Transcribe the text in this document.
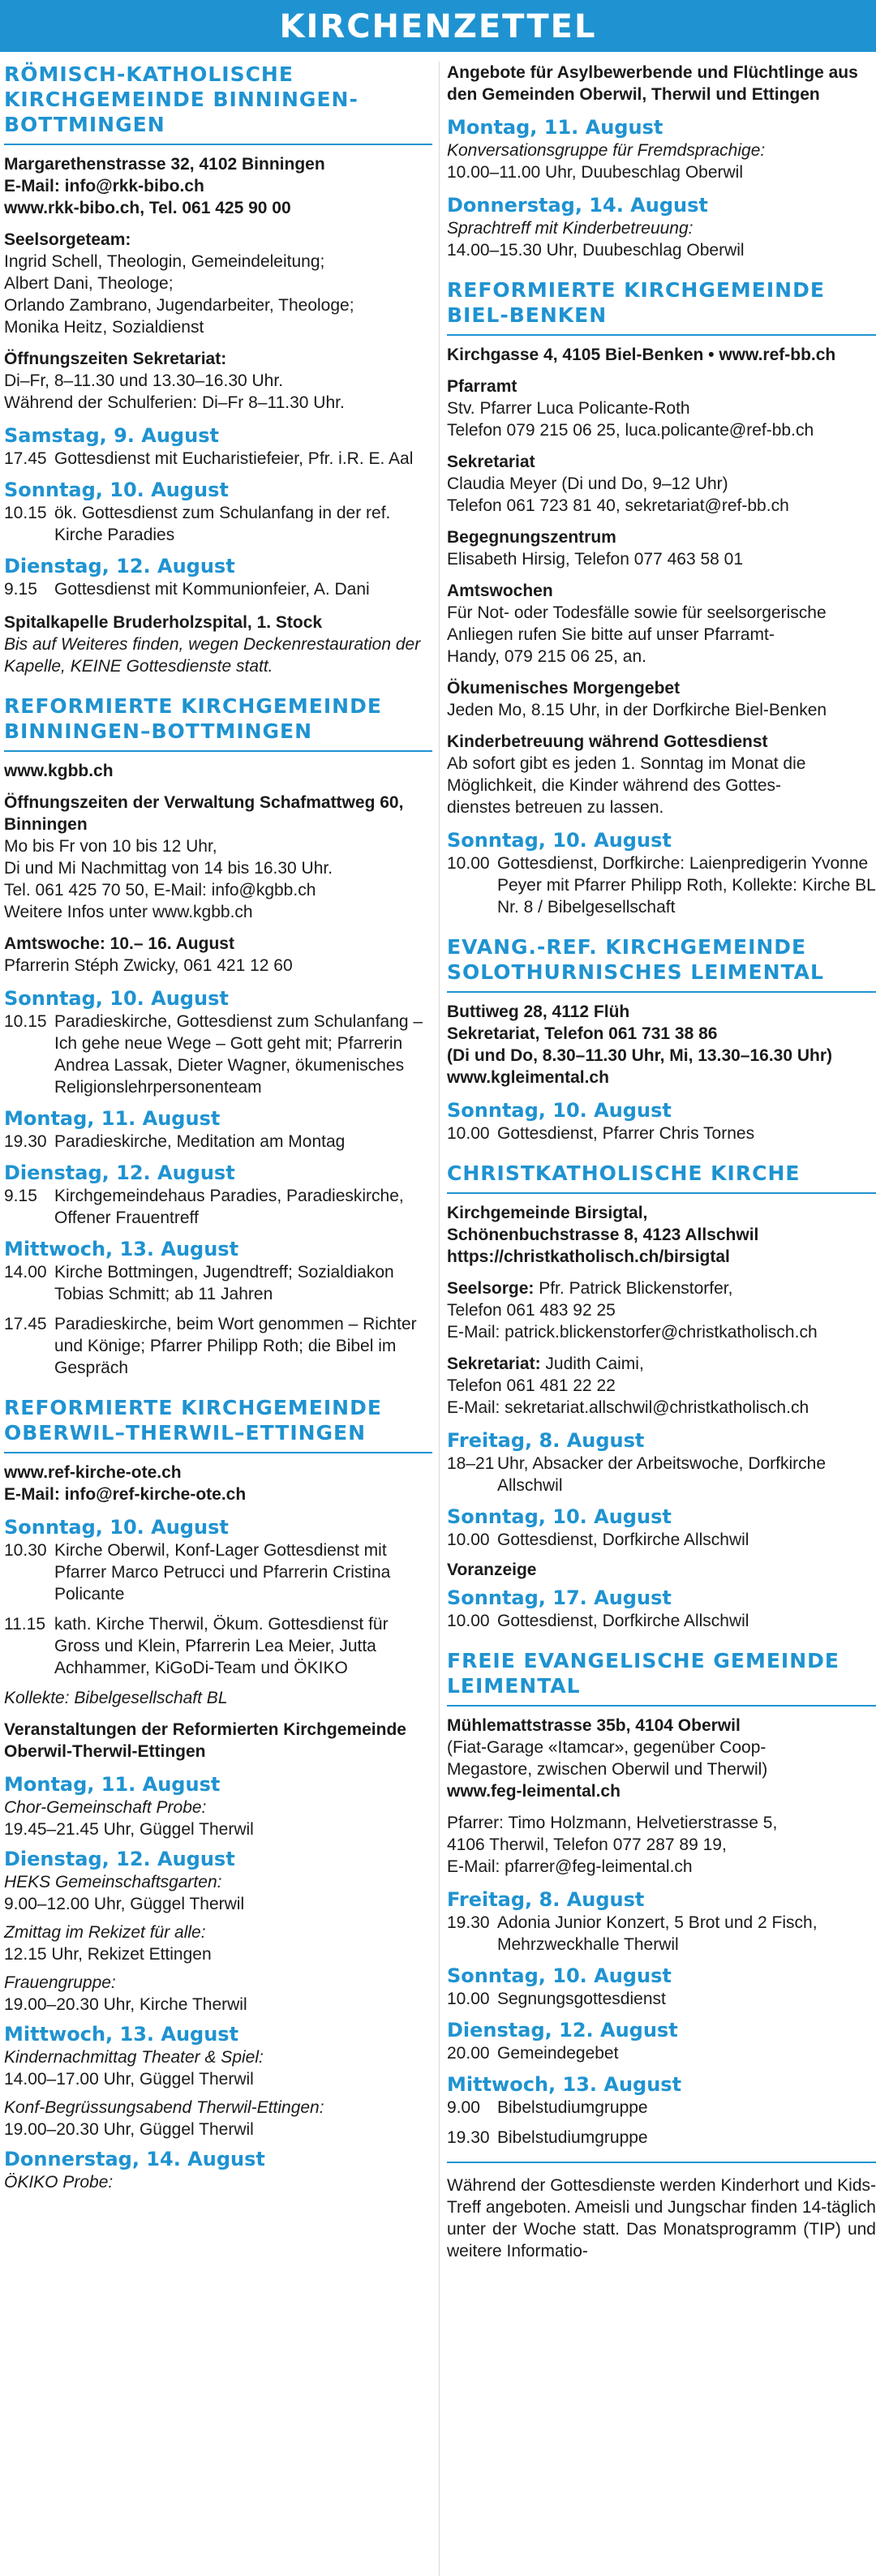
KIRCHENZETTEL
RÖMISCH-KATHOLISCHE KIRCHGEMEINDE BINNINGEN-BOTTMINGEN
Margarethenstrasse 32, 4102 Binningen
E-Mail: info@rkk-bibo.ch
www.rkk-bibo.ch, Tel. 061 425 90 00
Seelsorgeteam:
Ingrid Schell, Theologin, Gemeindeleitung;
Albert Dani, Theologe;
Orlando Zambrano, Jugendarbeiter, Theologe;
Monika Heitz, Sozialdienst
Öffnungszeiten Sekretariat:
Di–Fr, 8–11.30 und 13.30–16.30 Uhr.
Während der Schulferien: Di–Fr 8–11.30 Uhr.
Samstag, 9. August
17.45 Gottesdienst mit Eucharistiefeier, Pfr. i.R. E. Aal
Sonntag, 10. August
10.15 ök. Gottesdienst zum Schulanfang in der ref. Kirche Paradies
Dienstag, 12. August
9.15	Gottesdienst mit Kommunionfeier, A. Dani
Spitalkapelle Bruderholzspital, 1. Stock
Bis auf Weiteres finden, wegen Deckenrestauration der Kapelle, KEINE Gottesdienste statt.
REFORMIERTE KIRCHGEMEINDE BINNINGEN–BOTTMINGEN
www.kgbb.ch
Öffnungszeiten der Verwaltung Schafmattweg 60, Binningen
Mo bis Fr von 10 bis 12 Uhr,
Di und Mi Nachmittag von 14 bis 16.30 Uhr.
Tel. 061 425 70 50, E-Mail: info@kgbb.ch
Weitere Infos unter www.kgbb.ch
Amtswoche: 10.– 16. August
Pfarrerin Stéph Zwicky, 061 421 12 60
Sonntag, 10. August
10.15 Paradieskirche, Gottesdienst zum Schulanfang – Ich gehe neue Wege – Gott geht mit; Pfarrerin Andrea Lassak, Dieter Wagner, ökumenisches Religionslehrpersonenteam
Montag, 11. August
19.30 Paradieskirche, Meditation am Montag
Dienstag, 12. August
9.15	Kirchgemeindehaus Paradies, Paradieskirche, Offener Frauentreff
Mittwoch, 13. August
14.00 Kirche Bottmingen, Jugendtreff; Sozialdiakon Tobias Schmitt; ab 11 Jahren
17.45 Paradieskirche, beim Wort genommen – Richter und Könige; Pfarrer Philipp Roth; die Bibel im Gespräch
REFORMIERTE KIRCHGEMEINDE OBERWIL–THERWIL–ETTINGEN
www.ref-kirche-ote.ch
E-Mail: info@ref-kirche-ote.ch
Sonntag, 10. August
10.30 Kirche Oberwil, Konf-Lager Gottesdienst mit Pfarrer Marco Petrucci und Pfarrerin Cristina Policante
11.15 kath. Kirche Therwil, Ökum. Gottesdienst für Gross und Klein, Pfarrerin Lea Meier, Jutta Achhammer, KiGoDi-Team und ÖKIKO
Kollekte: Bibelgesellschaft BL
Veranstaltungen der Reformierten Kirchgemeinde Oberwil-Therwil-Ettingen
Montag, 11. August
Chor-Gemeinschaft Probe:
19.45–21.45 Uhr, Güggel Therwil
Dienstag, 12. August
HEKS Gemeinschaftsgarten:
9.00–12.00 Uhr, Güggel Therwil
Zmittag im Rekizet für alle:
12.15 Uhr, Rekizet Ettingen
Frauengruppe:
19.00–20.30 Uhr, Kirche Therwil
Mittwoch, 13. August
Kindernachmittag Theater & Spiel:
14.00–17.00 Uhr, Güggel Therwil
Konf-Begrüssungsabend Therwil-Ettingen:
19.00–20.30 Uhr, Güggel Therwil
Donnerstag, 14. August
ÖKIKO Probe:
Angebote für Asylbewerbende und Flüchtlinge aus den Gemeinden Oberwil, Therwil und Ettingen
Montag, 11. August
Konversationsgruppe für Fremdsprachige:
10.00–11.00 Uhr, Duubeschlag Oberwil
Donnerstag, 14. August
Sprachtreff mit Kinderbetreuung:
14.00–15.30 Uhr, Duubeschlag Oberwil
REFORMIERTE KIRCHGEMEINDE BIEL-BENKEN
Kirchgasse 4, 4105 Biel-Benken • www.ref-bb.ch
Pfarramt
Stv. Pfarrer Luca Policante-Roth
Telefon 079 215 06 25, luca.policante@ref-bb.ch
Sekretariat
Claudia Meyer (Di und Do, 9–12 Uhr)
Telefon 061 723 81 40, sekretariat@ref-bb.ch
Begegnungszentrum
Elisabeth Hirsig, Telefon 077 463 58 01
Amtswochen
Für Not- oder Todesfälle sowie für seelsorgerische
Anliegen rufen Sie bitte auf unser Pfarramt-
Handy, 079 215 06 25, an.
Ökumenisches Morgengebet
Jeden Mo, 8.15 Uhr, in der Dorfkirche Biel-Benken
Kinderbetreuung während Gottesdienst
Ab sofort gibt es jeden 1. Sonntag im Monat die
Möglichkeit, die Kinder während des Gottes-
dienstes betreuen zu lassen.
Sonntag, 10. August
10.00 Gottesdienst, Dorfkirche: Laienpredigerin Yvonne Peyer mit Pfarrer Philipp Roth, Kollekte: Kirche BL Nr. 8 / Bibelgesellschaft
EVANG.-REF. KIRCHGEMEINDE SOLOTHURNISCHES LEIMENTAL
Buttiweg 28, 4112 Flüh
Sekretariat, Telefon 061 731 38 86
(Di und Do, 8.30–11.30 Uhr, Mi, 13.30–16.30 Uhr)
www.kgleimental.ch
Sonntag, 10. August
10.00 Gottesdienst, Pfarrer Chris Tornes
CHRISTKATHOLISCHE KIRCHE
Kirchgemeinde Birsigtal,
Schönenbuchstrasse 8, 4123 Allschwil
https://christkatholisch.ch/birsigtal
Seelsorge: Pfr. Patrick Blickenstorfer,
Telefon 061 483 92 25
E-Mail: patrick.blickenstorfer@christkatholisch.ch
Sekretariat: Judith Caimi,
Telefon 061 481 22 22
E-Mail: sekretariat.allschwil@christkatholisch.ch
Freitag, 8. August
18–21 Uhr, Absacker der Arbeitswoche, Dorfkirche Allschwil
Sonntag, 10. August
10.00 Gottesdienst, Dorfkirche Allschwil
Voranzeige
Sonntag, 17. August
10.00 Gottesdienst, Dorfkirche Allschwil
FREIE EVANGELISCHE GEMEINDE LEIMENTAL
Mühlemattstrasse 35b, 4104 Oberwil
(Fiat-Garage «Itamcar», gegenüber Coop-
Megastore, zwischen Oberwil und Therwil)
www.feg-leimental.ch
Pfarrer: Timo Holzmann, Helvetierstrasse 5,
4106 Therwil, Telefon 077 287 89 19,
E-Mail: pfarrer@feg-leimental.ch
Freitag, 8. August
19.30 Adonia Junior Konzert, 5 Brot und 2 Fisch, Mehrzweckhalle Therwil
Sonntag, 10. August
10.00 Segnungsgottesdienst
Dienstag, 12. August
20.00 Gemeindegebet
Mittwoch, 13. August
9.00	Bibelstudiumgruppe
19.30 Bibelstudiumgruppe
Während der Gottesdienste werden Kinderhort und Kids-Treff angeboten. Ameisli und Jungschar finden 14-täglich unter der Woche statt. Das Monatsprogramm (TIP) und weitere Informatio-
